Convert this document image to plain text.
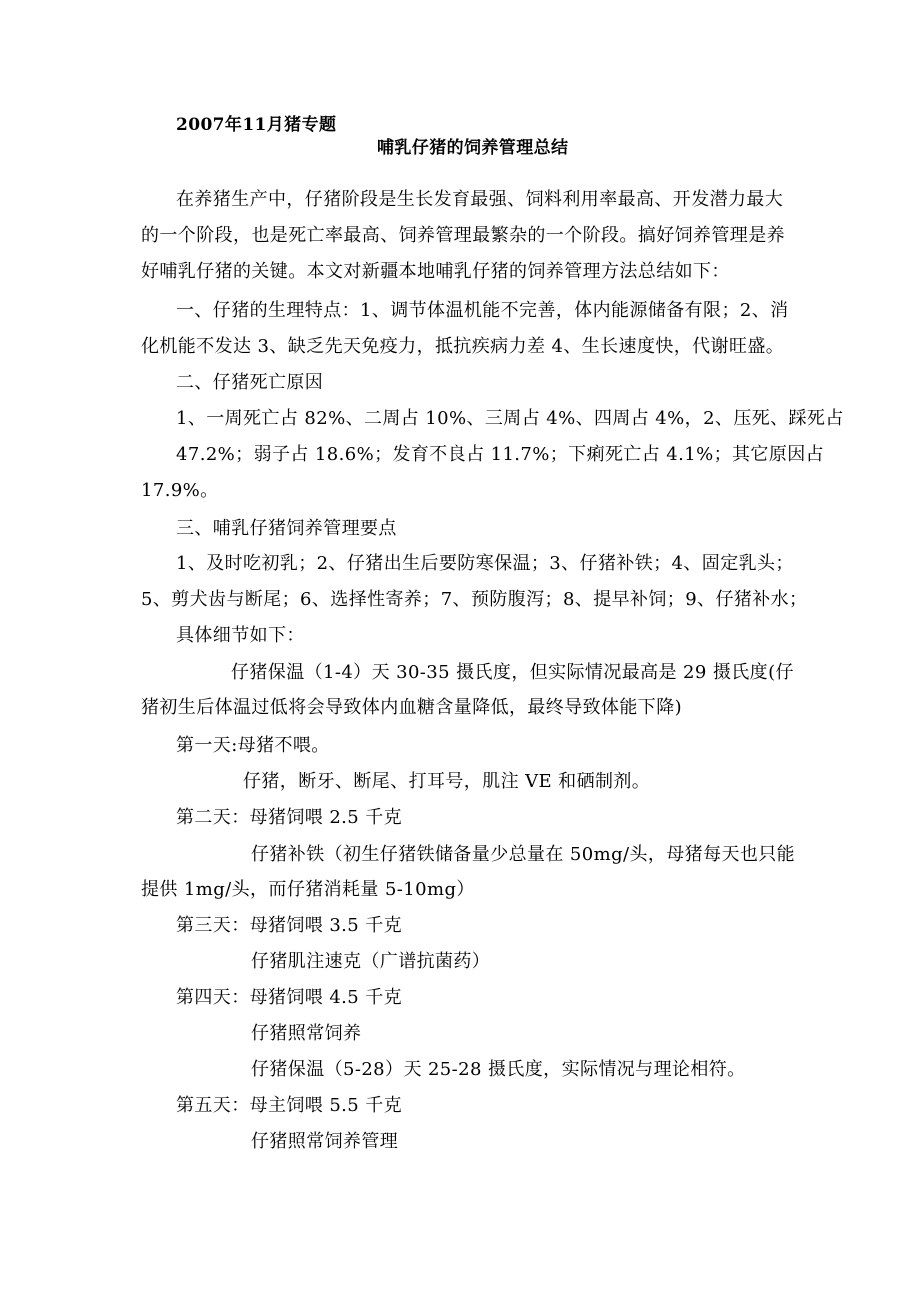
2007年11月猪专题
哺乳仔猪的饲养管理总结
在养猪生产中，仔猪阶段是生长发育最强、饲料利用率最高、开发潜力最大
的一个阶段，也是死亡率最高、饲养管理最繁杂的一个阶段。搞好饲养管理是养
好哺乳仔猪的关键。本文对新疆本地哺乳仔猪的饲养管理方法总结如下：
一、仔猪的生理特点：1、调节体温机能不完善，体内能源储备有限；2、消
化机能不发达 3、缺乏先天免疫力，抵抗疾病力差 4、生长速度快，代谢旺盛。
二、仔猪死亡原因
1、一周死亡占 82%、二周占 10%、三周占 4%、四周占 4%，2、压死、踩死占
47.2%；弱子占 18.6%；发育不良占 11.7%；下痢死亡占 4.1%；其它原因占
17.9%。
三、哺乳仔猪饲养管理要点
1、及时吃初乳；2、仔猪出生后要防寒保温；3、仔猪补铁；4、固定乳头；
5、剪犬齿与断尾；6、选择性寄养；7、预防腹泻；8、提早补饲；9、仔猪补水；
具体细节如下：
仔猪保温（1-4）天 30-35 摄氏度，但实际情况最高是 29 摄氏度(仔
猪初生后体温过低将会导致体内血糖含量降低，最终导致体能下降)
第一天:母猪不喂。
仔猪，断牙、断尾、打耳号，肌注 VE 和硒制剂。
第二天：母猪饲喂 2.5 千克
仔猪补铁（初生仔猪铁储备量少总量在 50mg/头，母猪每天也只能
提供 1mg/头，而仔猪消耗量 5-10mg）
第三天：母猪饲喂 3.5 千克
仔猪肌注速克（广谱抗菌药）
第四天：母猪饲喂 4.5 千克
仔猪照常饲养
仔猪保温（5-28）天 25-28 摄氏度，实际情况与理论相符。
第五天：母主饲喂 5.5 千克
仔猪照常饲养管理
